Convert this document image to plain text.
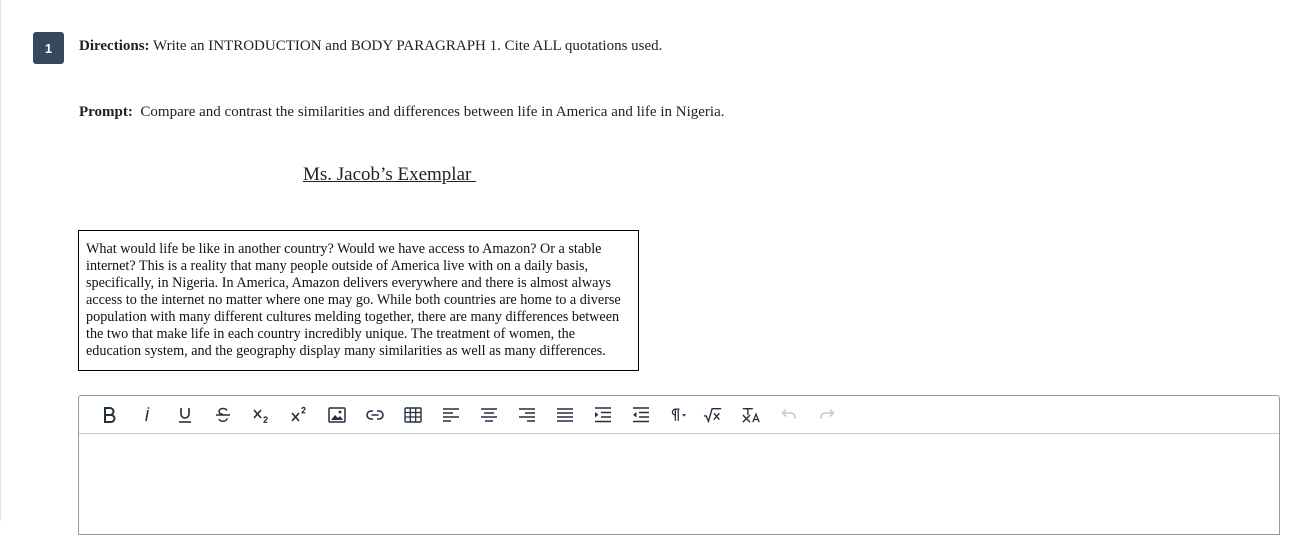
1	Directions: Write an INTRODUCTION and BODY PARAGRAPH 1. Cite ALL quotations used.
Prompt:  Compare and contrast the similarities and differences between life in America and life in Nigeria.
Ms. Jacob’s Exemplar
What would life be like in another country? Would we have access to Amazon? Or a stable internet? This is a reality that many people outside of America live with on a daily basis, specifically, in Nigeria. In America, Amazon delivers everywhere and there is almost always access to the internet no matter where one may go. While both countries are home to a diverse population with many different cultures melding together, there are many differences between the two that make life in each country incredibly unique. The treatment of women, the education system, and the geography display many similarities as well as many differences.
